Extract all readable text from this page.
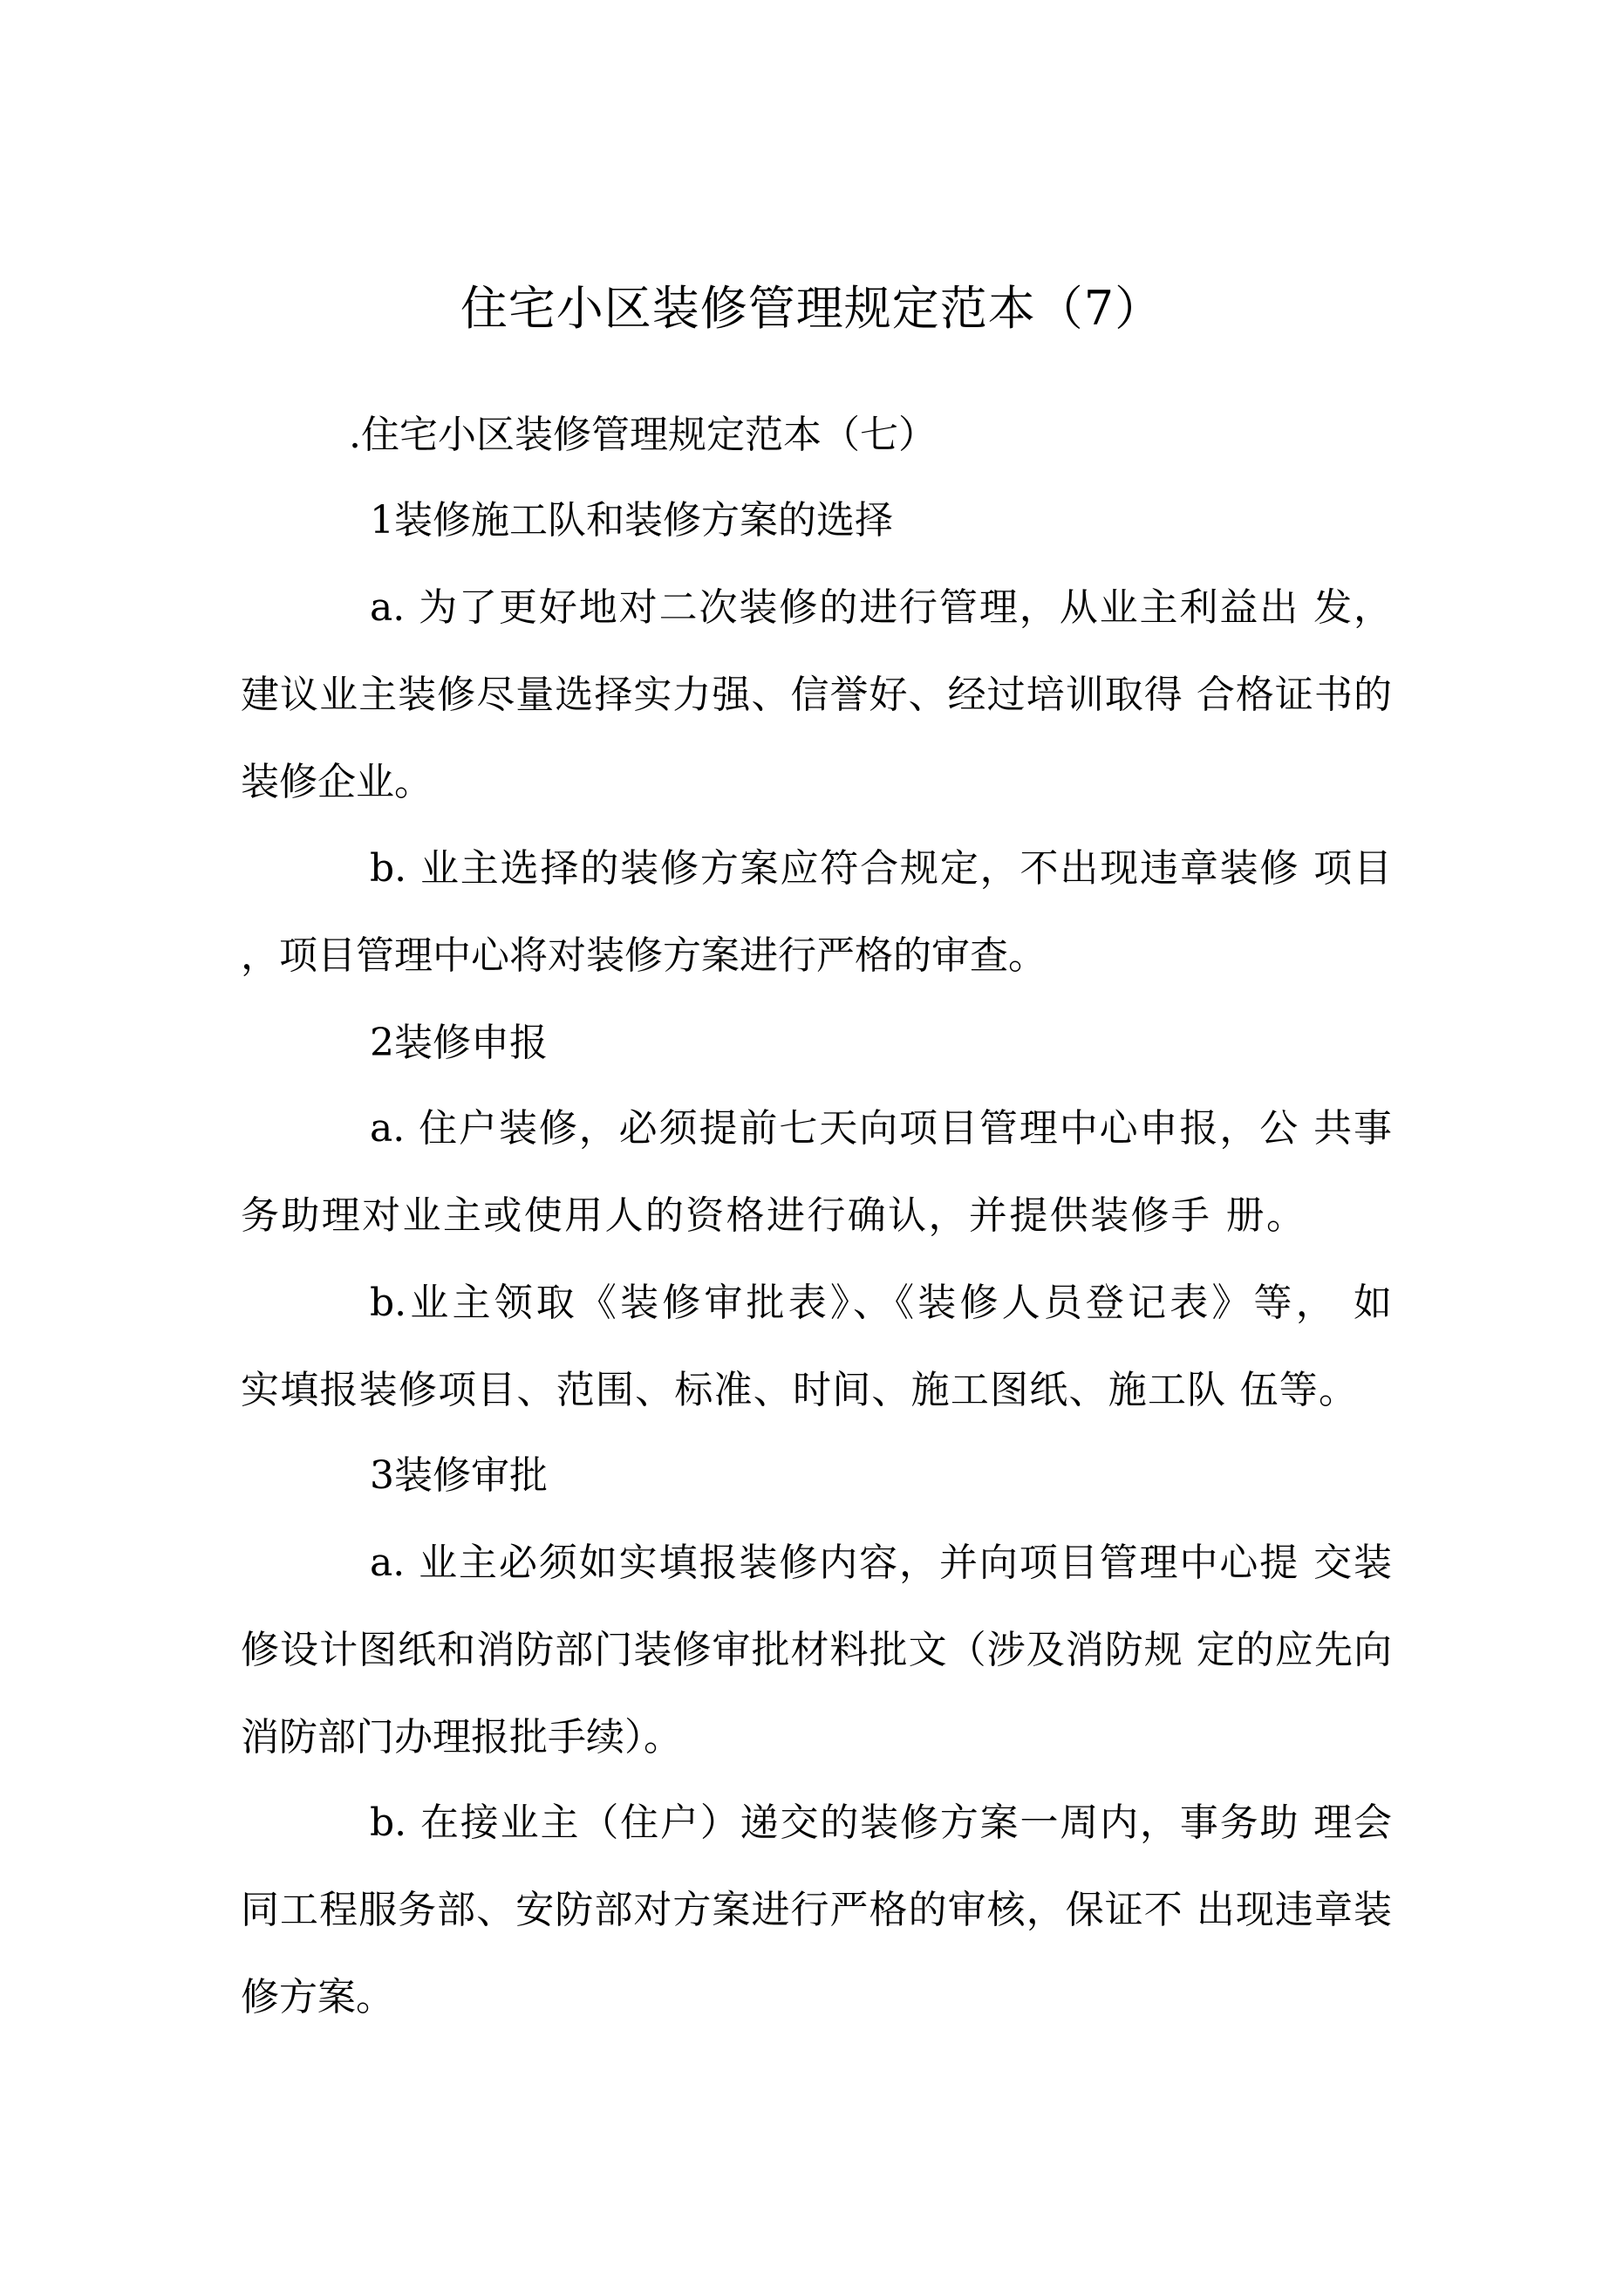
住宅小区装修管理规定范本（7）
.住宅小区装修管理规定范本（七）
1装修施工队和装修方案的选择
a. 为了更好地对二次装修的进行管理，从业主利益出 发，
建议业主装修尽量选择实力强、信誉好、经过培训取得 合格证书的
装修企业。
b. 业主选择的装修方案应符合规定，不出现违章装修 项目
，项目管理中心将对装修方案进行严格的审查。
2装修申报
a. 住户装修，必须提前七天向项目管理中心申报，公 共事
务助理对业主或使用人的资格进行确认，并提供装修手 册。
b.业主领取《装修审批表》、《装修人员登记表》等， 如
实填报装修项目、范围、标准、时间、施工图纸、施工队 伍等。
3装修审批
a. 业主必须如实填报装修内容，并向项目管理中心提 交装
修设计图纸和消防部门装修审批材料批文（涉及消防规 定的应先向
消防部门办理报批手续）。
b. 在接业主（住户）递交的装修方案一周内，事务助 理会
同工程服务部、安防部对方案进行严格的审核，保证不 出现违章装
修方案。
